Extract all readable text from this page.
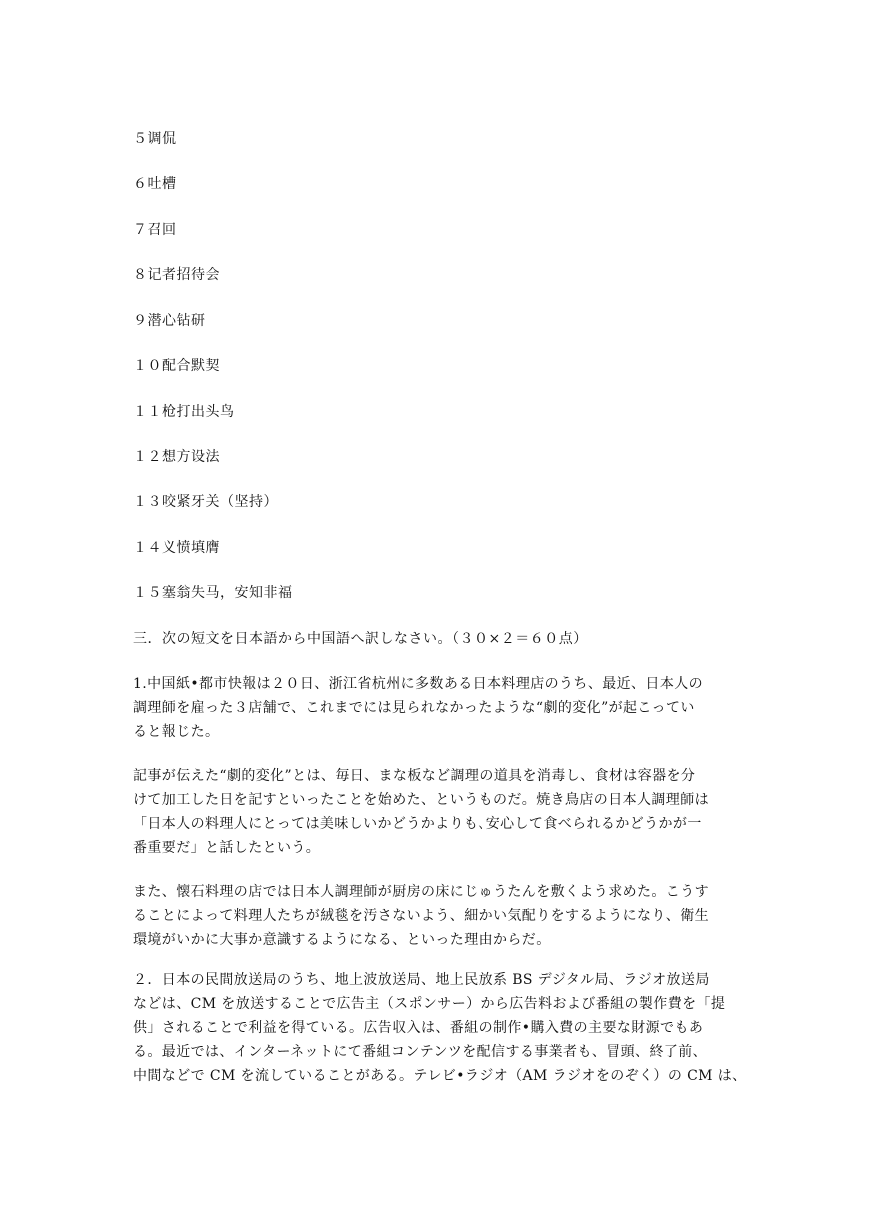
５调侃
６吐槽
７召回
８记者招待会
９潜心钻研
１０配合默契
１１枪打出头鸟
１２想方设法
１３咬紧牙关（坚持）
１４义愤填膺
１５塞翁失马，安知非福
三．次の短文を日本語から中国語へ訳しなさい。（３０×２＝６０点）
1.中国紙•都市快報は２０日、浙江省杭州に多数ある日本料理店のうち、最近、日本人の
調理師を雇った３店舗で、これまでには見られなかったような“劇的変化”が起こってい
ると報じた。
記事が伝えた“劇的変化”とは、毎日、まな板など調理の道具を消毒し、食材は容器を分
けて加工した日を記すといったことを始めた、というものだ。焼き鳥店の日本人調理師は
「日本人の料理人にとっては美味しいかどうかよりも､安心して食べられるかどうかが一
番重要だ」と話したという。
また、懐石料理の店では日本人調理師が厨房の床にじゅうたんを敷くよう求めた。こうす
ることによって料理人たちが絨毯を汚さないよう、細かい気配りをするようになり、衛生
環境がいかに大事か意識するようになる、といった理由からだ。
２．日本の民間放送局のうち、地上波放送局、地上民放系 BS デジタル局、ラジオ放送局
などは、CM を放送することで広告主（スポンサー）から広告料および番組の製作費を「提
供」されることで利益を得ている。広告収入は、番組の制作•購入費の主要な財源でもあ
る。最近では、インターネットにて番組コンテンツを配信する事業者も、冒頭、終了前、
中間などで CM を流していることがある。テレビ•ラジオ（AM ラジオをのぞく）の CM は、
